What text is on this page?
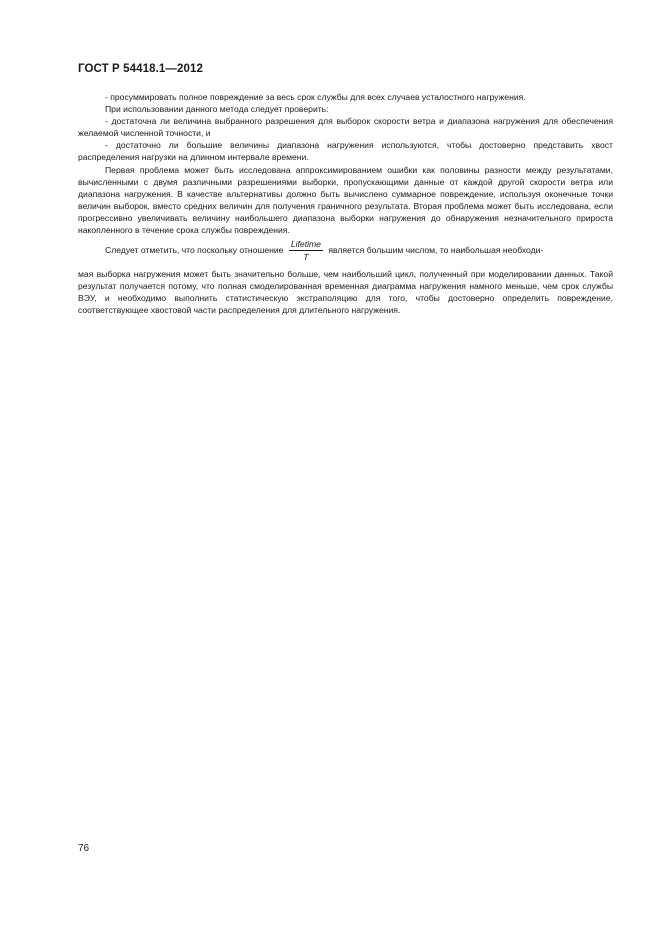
ГОСТ Р 54418.1—2012

- просуммировать полное повреждение за весь срок службы для всех случаев усталостного нагружения.

При использовании данного метода следует проверить:

- достаточна ли величина выбранного разрешения для выборок скорости ветра и диапазона нагружения для обеспечения желаемой численной точности, и

- достаточно ли большие величины диапазона нагружения используются, чтобы достоверно представить хвост распределения нагрузки на длинном интервале времени.

Первая проблема может быть исследована аппроксимированием ошибки как половины разности между результатами, вычисленными с двумя различными разрешениями выборки, пропускающими данные от каждой другой скорости ветра или диапазона нагружения. В качестве альтернативы должно быть вычислено суммарное повреждение, используя оконечные точки величин выборок, вместо средних величин для получения граничного результата. Вторая проблема может быть исследована, если прогрессивно увеличивать величину наибольшего диапазона выборки нагружения до обнаружения незначительного прироста накопленного в течение срока службы повреждения.

Следует отметить, что поскольку отношение $\frac{\text{Lifetime}}{T}$ является большим числом, то наибольшая необходи-

мая выборка нагружения может быть значительно больше, чем наибольший цикл, полученный при моделировании данных. Такой результат получается потому, что полная смоделированная временная диаграмма нагружения намного меньше, чем срок службы ВЭУ, и необходимо выполнить статистическую экстраполяцию для того, чтобы достоверно определить повреждение, соответствующее хвостовой части распределения для длительного нагружения.

76
